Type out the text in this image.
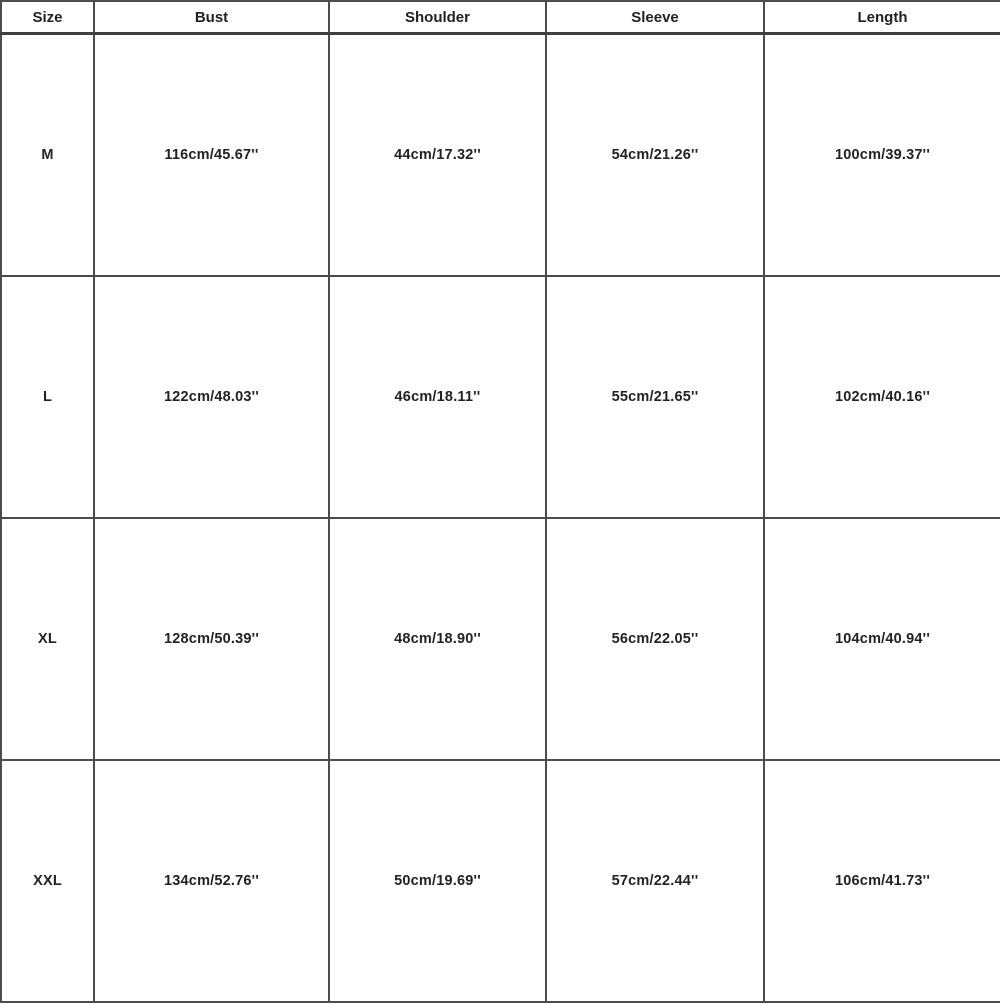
Size	Bust	Shoulder	Sleeve	Length
M	116cm/45.67''	44cm/17.32''	54cm/21.26''	100cm/39.37''
L	122cm/48.03''	46cm/18.11''	55cm/21.65''	102cm/40.16''
XL	128cm/50.39''	48cm/18.90''	56cm/22.05''	104cm/40.94''
XXL	134cm/52.76''	50cm/19.69''	57cm/22.44''	106cm/41.73''
